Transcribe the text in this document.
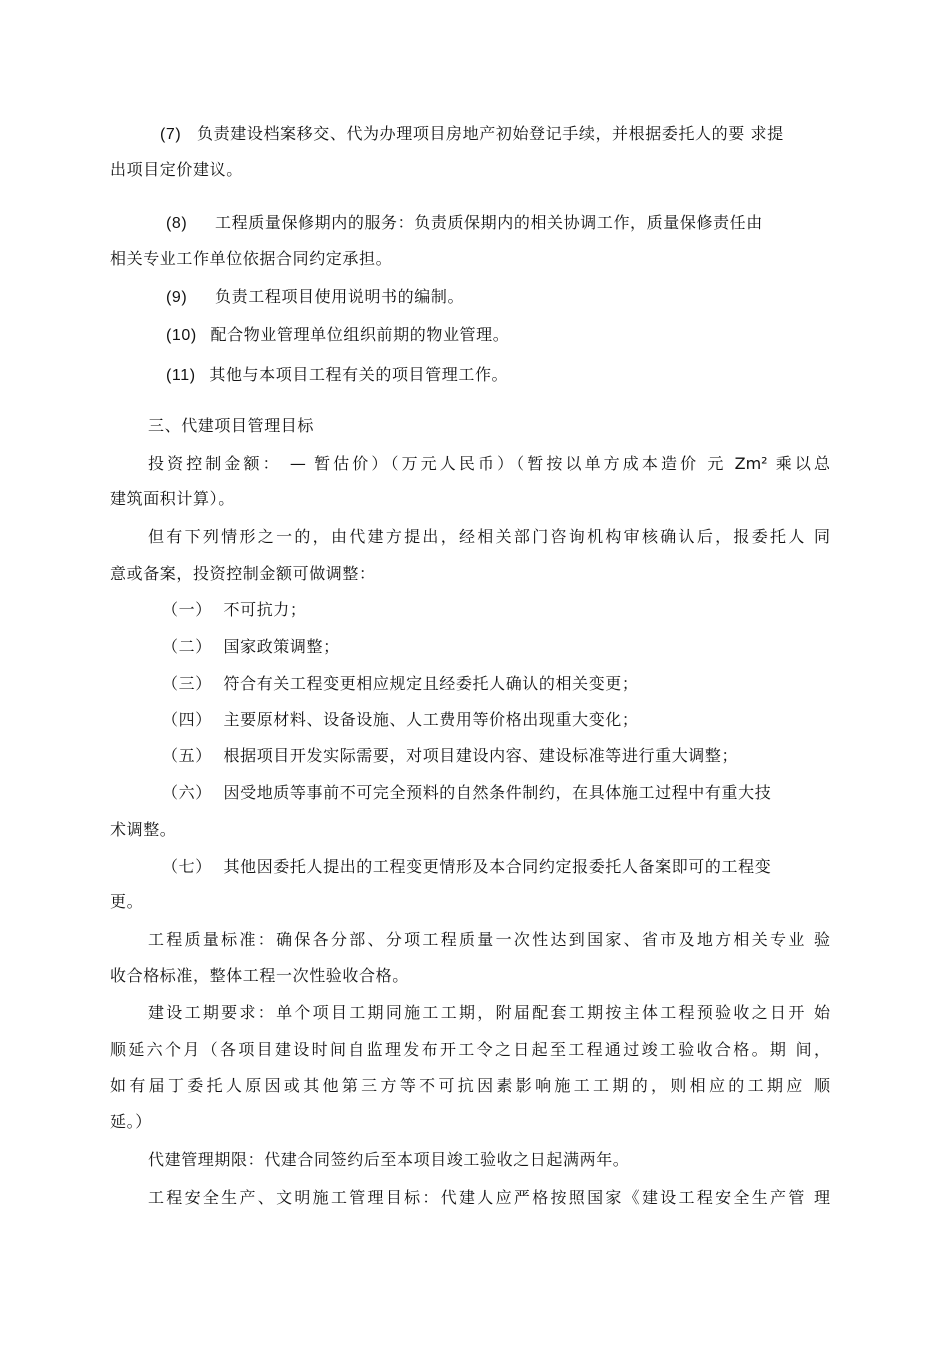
(7) 负责建设档案移交、代为办理项目房地产初始登记手续，并根据委托人的要 求提
出项目定价建议。
(8) 工程质量保修期内的服务：负责质保期内的相关协调工作，质量保修责任由
相关专业工作单位依据合同约定承担。
(9) 负责工程项目使用说明书的编制。
(10) 配合物业管理单位组织前期的物业管理。
(11) 其他与本项目工程有关的项目管理工作。
三、代建项目管理目标
投资控制金额： — 暂估价）（万元人民币）（暂按以单方成本造价 元 Zm² 乘以总
建筑面积计算）。
但有下列情形之一的，由代建方提出，经相关部门咨询机构审核确认后，报委托人 同
意或备案，投资控制金额可做调整：
（一） 不可抗力；
（二） 国家政策调整；
（三） 符合有关工程变更相应规定且经委托人确认的相关变更；
（四） 主要原材料、设备设施、人工费用等价格出现重大变化；
（五） 根据项目开发实际需要，对项目建设内容、建设标准等进行重大调整；
（六） 因受地质等事前不可完全预料的自然条件制约，在具体施工过程中有重大技
术调整。
（七） 其他因委托人提出的工程变更情形及本合同约定报委托人备案即可的工程变
更。
工程质量标准：确保各分部、分项工程质量一次性达到国家、省市及地方相关专业 验
收合格标准，整体工程一次性验收合格。
建设工期要求：单个项目工期同施工工期，附届配套工期按主体工程预验收之日开 始
顺延六个月（各项目建设时间自监理发布开工令之日起至工程通过竣工验收合格。期 间，
如有届丁委托人原因或其他第三方等不可抗因素影响施工工期的，则相应的工期应 顺
延。）
代建管理期限：代建合同签约后至本项目竣工验收之日起满两年。
工程安全生产、文明施工管理目标：代建人应严格按照国家《建设工程安全生产管 理
